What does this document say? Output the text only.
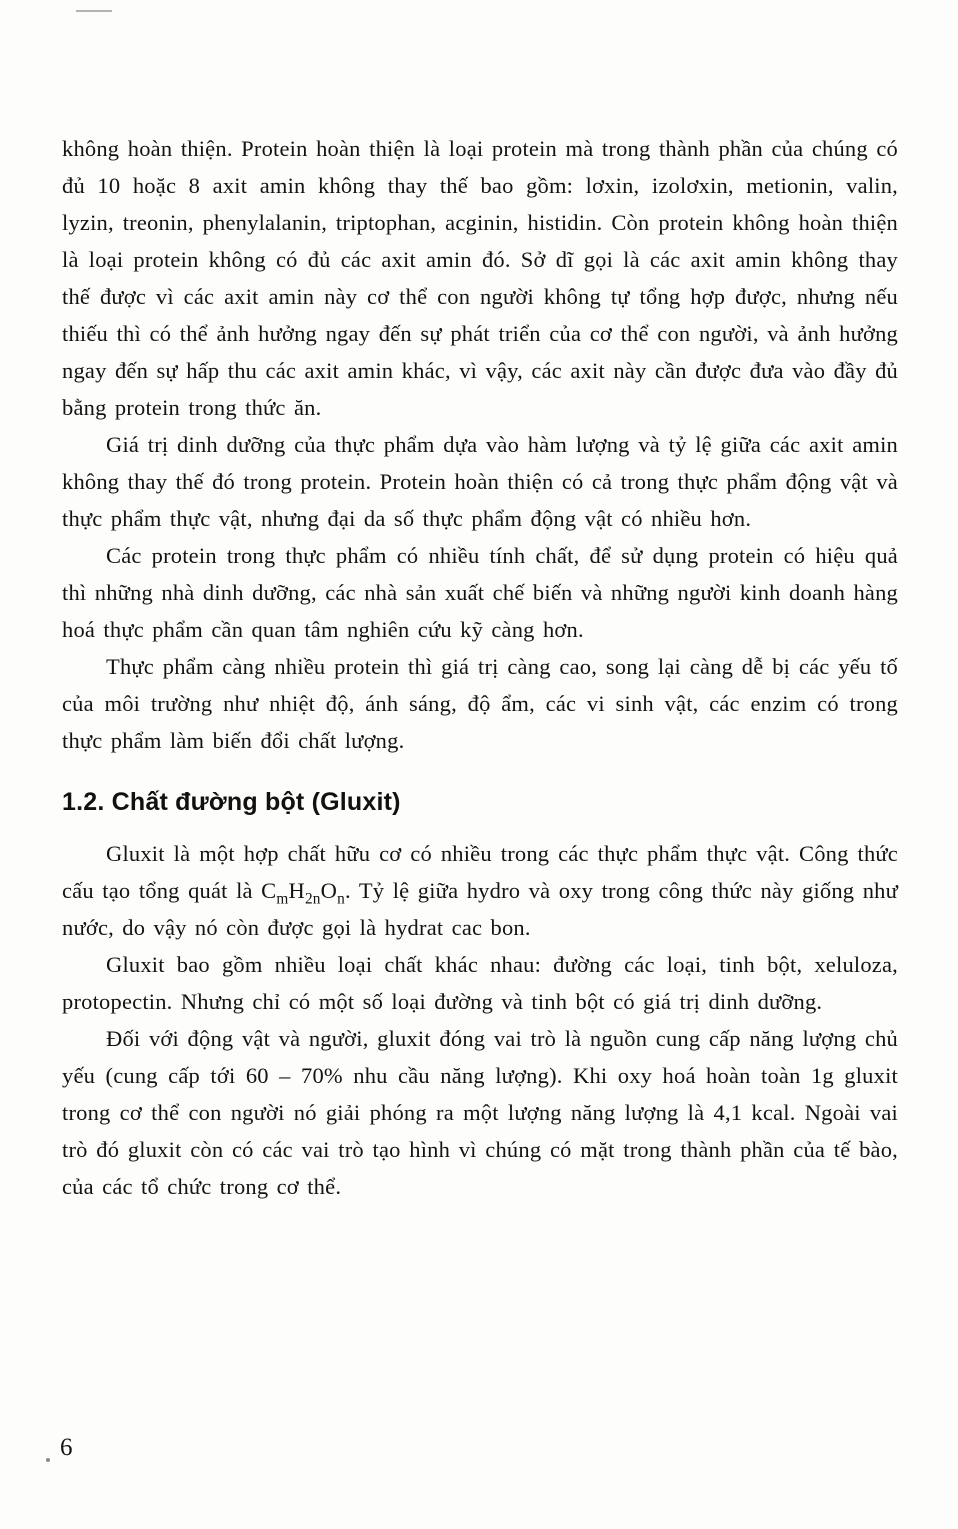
không hoàn thiện. Protein hoàn thiện là loại protein mà trong thành phần của chúng có đủ 10 hoặc 8 axit amin không thay thế bao gồm: lơxin, izolơxin, metionin, valin, lyzin, treonin, phenylalanin, triptophan, acginin, histidin. Còn protein không hoàn thiện là loại protein không có đủ các axit amin đó. Sở dĩ gọi là các axit amin không thay thế được vì các axit amin này cơ thể con người không tự tổng hợp được, nhưng nếu thiếu thì có thể ảnh hưởng ngay đến sự phát triển của cơ thể con người, và ảnh hưởng ngay đến sự hấp thu các axit amin khác, vì vậy, các axit này cần được đưa vào đầy đủ bằng protein trong thức ăn.

Giá trị dinh dưỡng của thực phẩm dựa vào hàm lượng và tỷ lệ giữa các axit amin không thay thế đó trong protein. Protein hoàn thiện có cả trong thực phẩm động vật và thực phẩm thực vật, nhưng đại da số thực phẩm động vật có nhiều hơn.

Các protein trong thực phẩm có nhiều tính chất, để sử dụng protein có hiệu quả thì những nhà dinh dưỡng, các nhà sản xuất chế biến và những người kinh doanh hàng hoá thực phẩm cần quan tâm nghiên cứu kỹ càng hơn.

Thực phẩm càng nhiều protein thì giá trị càng cao, song lại càng dễ bị các yếu tố của môi trường như nhiệt độ, ánh sáng, độ ẩm, các vi sinh vật, các enzim có trong thực phẩm làm biến đổi chất lượng.

1.2. Chất đường bột (Gluxit)

Gluxit là một hợp chất hữu cơ có nhiều trong các thực phẩm thực vật. Công thức cấu tạo tổng quát là $C_mH_{2n}O_n$. Tỷ lệ giữa hydro và oxy trong công thức này giống như nước, do vậy nó còn được gọi là hydrat cac bon.

Gluxit bao gồm nhiều loại chất khác nhau: đường các loại, tinh bột, xeluloza, protopectin. Nhưng chỉ có một số loại đường và tinh bột có giá trị dinh dưỡng.

Đối với động vật và người, gluxit đóng vai trò là nguồn cung cấp năng lượng chủ yếu (cung cấp tới 60 – 70% nhu cầu năng lượng). Khi oxy hoá hoàn toàn 1g gluxit trong cơ thể con người nó giải phóng ra một lượng năng lượng là 4,1 kcal. Ngoài vai trò đó gluxit còn có các vai trò tạo hình vì chúng có mặt trong thành phần của tế bào, của các tổ chức trong cơ thể.

6
